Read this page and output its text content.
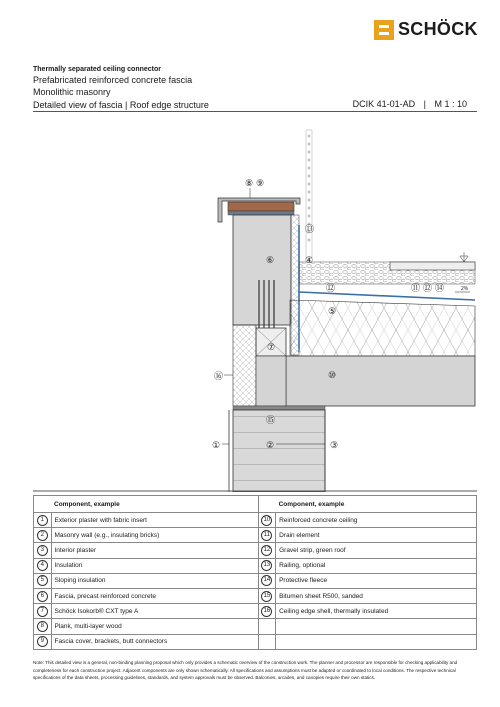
SCHÖCK
Thermally separated ceiling connector
Prefabricated reinforced concrete fascia
Monolithic masonry
Detailed view of fascia | Roof edge structure	DCIK 41-01-AD | M 1 : 10
2%
⑧ ⑨
⑬
⑥	④
⑫	⑪ ⑫ ⑭
⑤
⑦
⑩
⑯
⑮
①	②	③
	Component, example		Component, example
1	Exterior plaster with fabric insert	10	Reinforced concrete ceiling
2	Masonry wall (e.g., insulating bricks)	11	Drain element
3	Interior plaster	12	Gravel strip, green roof
4	Insulation	13	Railing, optional
5	Sloping insulation	14	Protective fleece
6	Fascia, precast reinforced concrete	15	Bitumen sheet R500, sanded
7	Schöck Isokorb® CXT type A	16	Ceiling edge shell, thermally insulated
8	Plank, multi-layer wood		
9	Fascia cover, brackets, butt connectors		
Note: This detailed view is a general, non-binding planning proposal which only provides a schematic overview of the construction work. The planner and processor are responsible for checking applicability and completeness for each construction project. Adjacent components are only shown schematically. All specifications and assumptions must be adapted or coordinated to local conditions. The respective technical specifications of the data sheets, processing guidelines, standards, and system approvals must be observed. Balconies, arcades, and canopies require their own statics.
